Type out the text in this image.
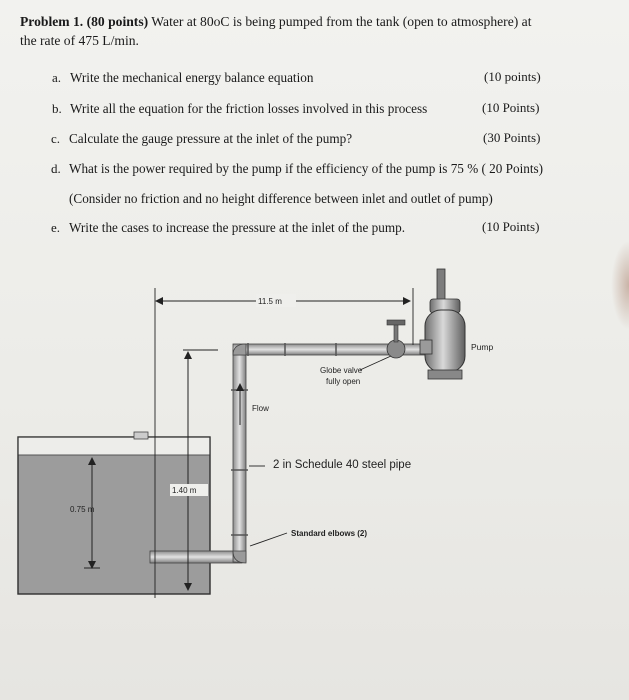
Problem 1. (80 points) Water at 80oC is being pumped from the tank (open to atmosphere) at
the rate of 475 L/min.
a. Write the mechanical energy balance equation	(10 points)
b. Write all the equation for the friction losses involved in this process	(10 Points)
c. Calculate the gauge pressure at the inlet of the pump?	(30 Points)
d. What is the power required by the pump if the efficiency of the pump is 75 % ( 20 Points)
(Consider no friction and no height difference between inlet and outlet of pump)
e. Write the cases to increase the pressure at the inlet of the pump.	(10 Points)
11.5 m
Globe valve
fully open
Pump
Flow
2 in Schedule 40 steel pipe
1.40 m
0.75 m
Standard elbows (2)
